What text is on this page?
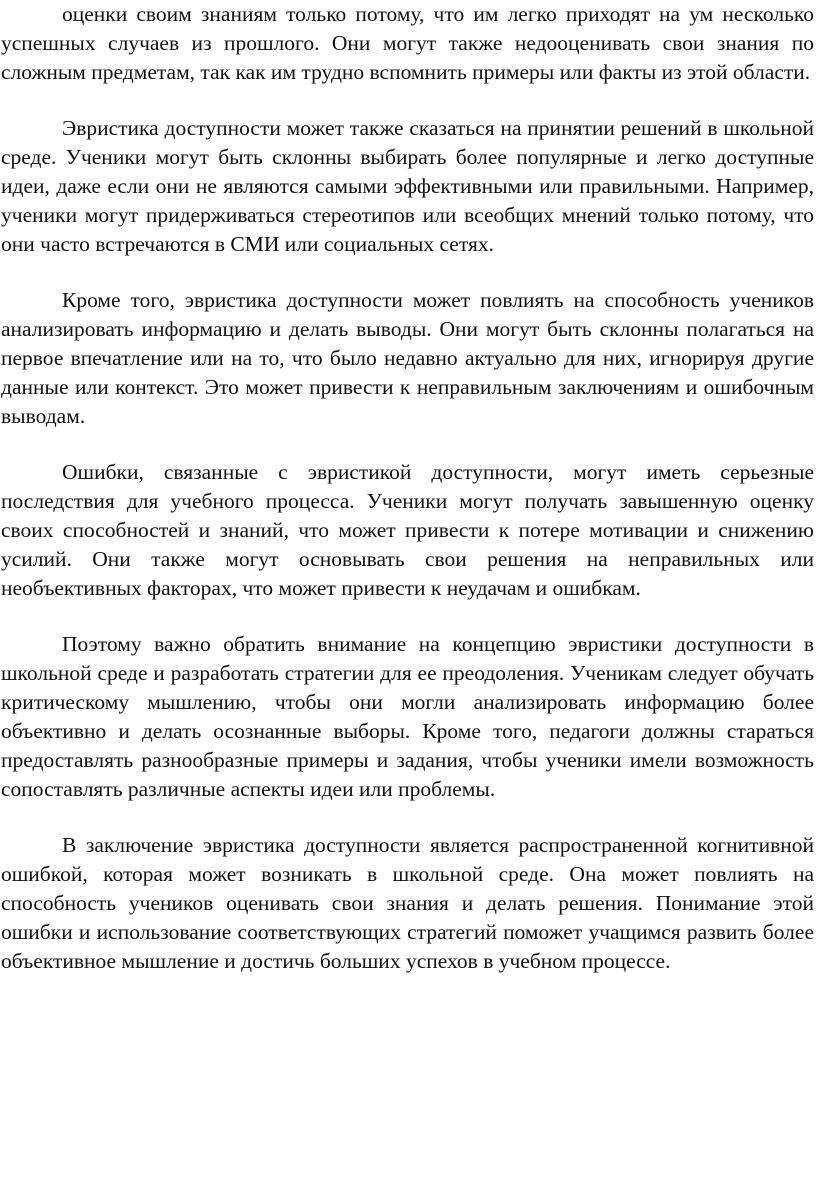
оценки своим знаниям только потому, что им легко приходят на ум несколько успешных случаев из прошлого. Они могут также недооценивать свои знания по сложным предметам, так как им трудно вспомнить примеры или факты из этой области.

Эвристика доступности может также сказаться на принятии решений в школьной среде. Ученики могут быть склонны выбирать более популярные и легко доступные идеи, даже если они не являются самыми эффективными или правильными. Например, ученики могут придерживаться стереотипов или всеобщих мнений только потому, что они часто встречаются в СМИ или социальных сетях.

Кроме того, эвристика доступности может повлиять на способность учеников анализировать информацию и делать выводы. Они могут быть склонны полагаться на первое впечатление или на то, что было недавно актуально для них, игнорируя другие данные или контекст. Это может привести к неправильным заключениям и ошибочным выводам.

Ошибки, связанные с эвристикой доступности, могут иметь серьезные последствия для учебного процесса. Ученики могут получать завышенную оценку своих способностей и знаний, что может привести к потере мотивации и снижению усилий. Они также могут основывать свои решения на неправильных или необъективных факторах, что может привести к неудачам и ошибкам.

Поэтому важно обратить внимание на концепцию эвристики доступности в школьной среде и разработать стратегии для ее преодоления. Ученикам следует обучать критическому мышлению, чтобы они могли анализировать информацию более объективно и делать осознанные выборы. Кроме того, педагоги должны стараться предоставлять разнообразные примеры и задания, чтобы ученики имели возможность сопоставлять различные аспекты идеи или проблемы.

В заключение эвристика доступности является распространенной когнитивной ошибкой, которая может возникать в школьной среде. Она может повлиять на способность учеников оценивать свои знания и делать решения. Понимание этой ошибки и использование соответствующих стратегий поможет учащимся развить более объективное мышление и достичь больших успехов в учебном процессе.
